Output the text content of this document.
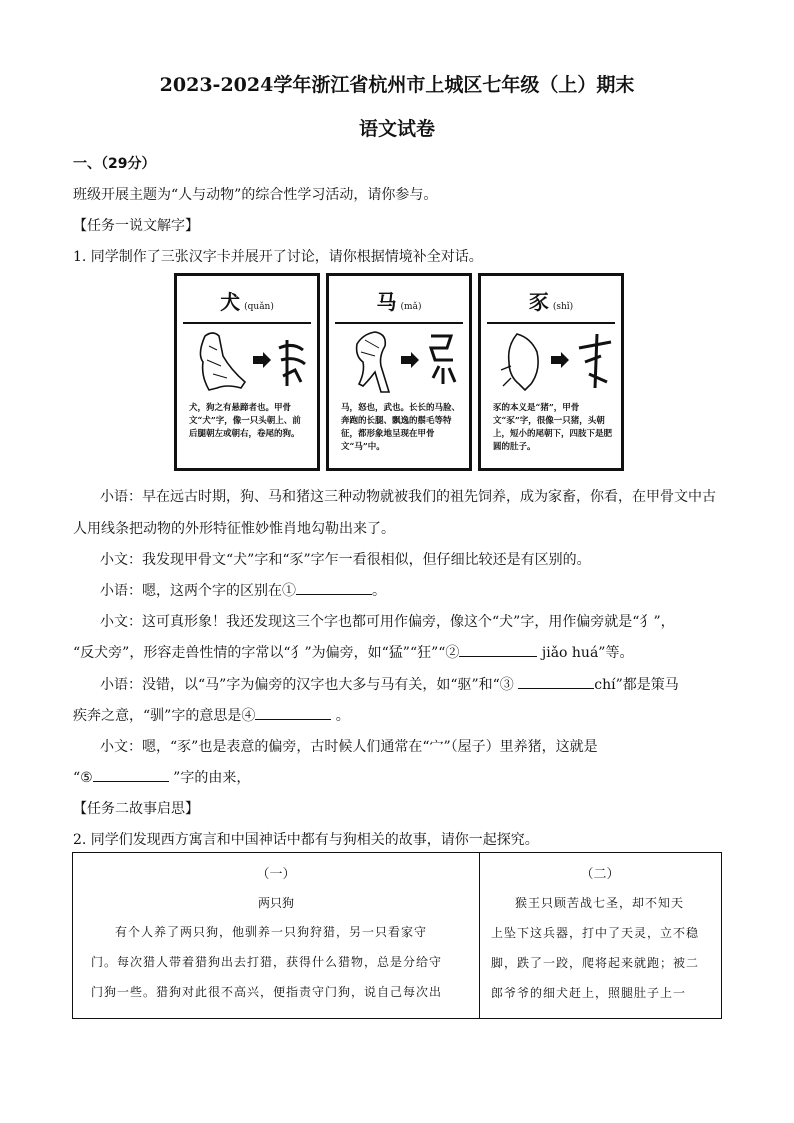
2023-2024学年浙江省杭州市上城区七年级（上）期末
语文试卷
一、（29分）
班级开展主题为“人与动物”的综合性学习活动，请你参与。
【任务一说文解字】
1. 同学制作了三张汉字卡并展开了讨论，请你根据情境补全对话。
犬 (quǎn)
犬，狗之有悬蹄者也。甲骨文“犬”字，像一只头朝上、前后腿朝左或朝右，卷尾的狗。
马 (mǎ)
马，怒也，武也。长长的马脸、奔跑的长腿、飘逸的鬃毛等特征，都形象地呈现在甲骨文“马”中。
豕 (shǐ)
豕的本义是“猪”，甲骨文“豕”字，很像一只猪，头朝上，短小的尾朝下，四肢下是肥圆的肚子。
小语：早在远古时期，狗、马和猪这三种动物就被我们的祖先饲养，成为家畜，你看，在甲骨文中古
人用线条把动物的外形特征惟妙惟肖地勾勒出来了。
小文：我发现甲骨文“犬”字和“豕”字乍一看很相似，但仔细比较还是有区别的。
小语：嗯，这两个字的区别在①	。
小文：这可真形象！我还发现这三个字也都可用作偏旁，像这个“犬”字，用作偏旁就是“犭”，
“反犬旁”，形容走兽性情的字常以“犭”为偏旁，如“猛”“狂”“②	jiǎo huá”等。
小语：没错，以“马”字为偏旁的汉字也大多与马有关，如“驱”和“③	chí”都是策马
疾奔之意，“驯”字的意思是④	。
小文：嗯，“豕”也是表意的偏旁，古时候人们通常在“宀”（屋子）里养猪，这就是
“⑤	”字的由来，
【任务二故事启思】
2. 同学们发现西方寓言和中国神话中都有与狗相关的故事，请你一起探究。
（一）
两只狗
有个人养了两只狗，他驯养一只狗狩猎，另一只看家守
门。每次猎人带着猎狗出去打猎，获得什么猎物，总是分给守
门狗一些。猎狗对此很不高兴，便指责守门狗，说自己每次出
（二）
猴王只顾苦战七圣，却不知天
上坠下这兵器，打中了天灵，立不稳
脚，跌了一跤，爬将起来就跑；被二
郎爷爷的细犬赶上，照腿肚子上一
